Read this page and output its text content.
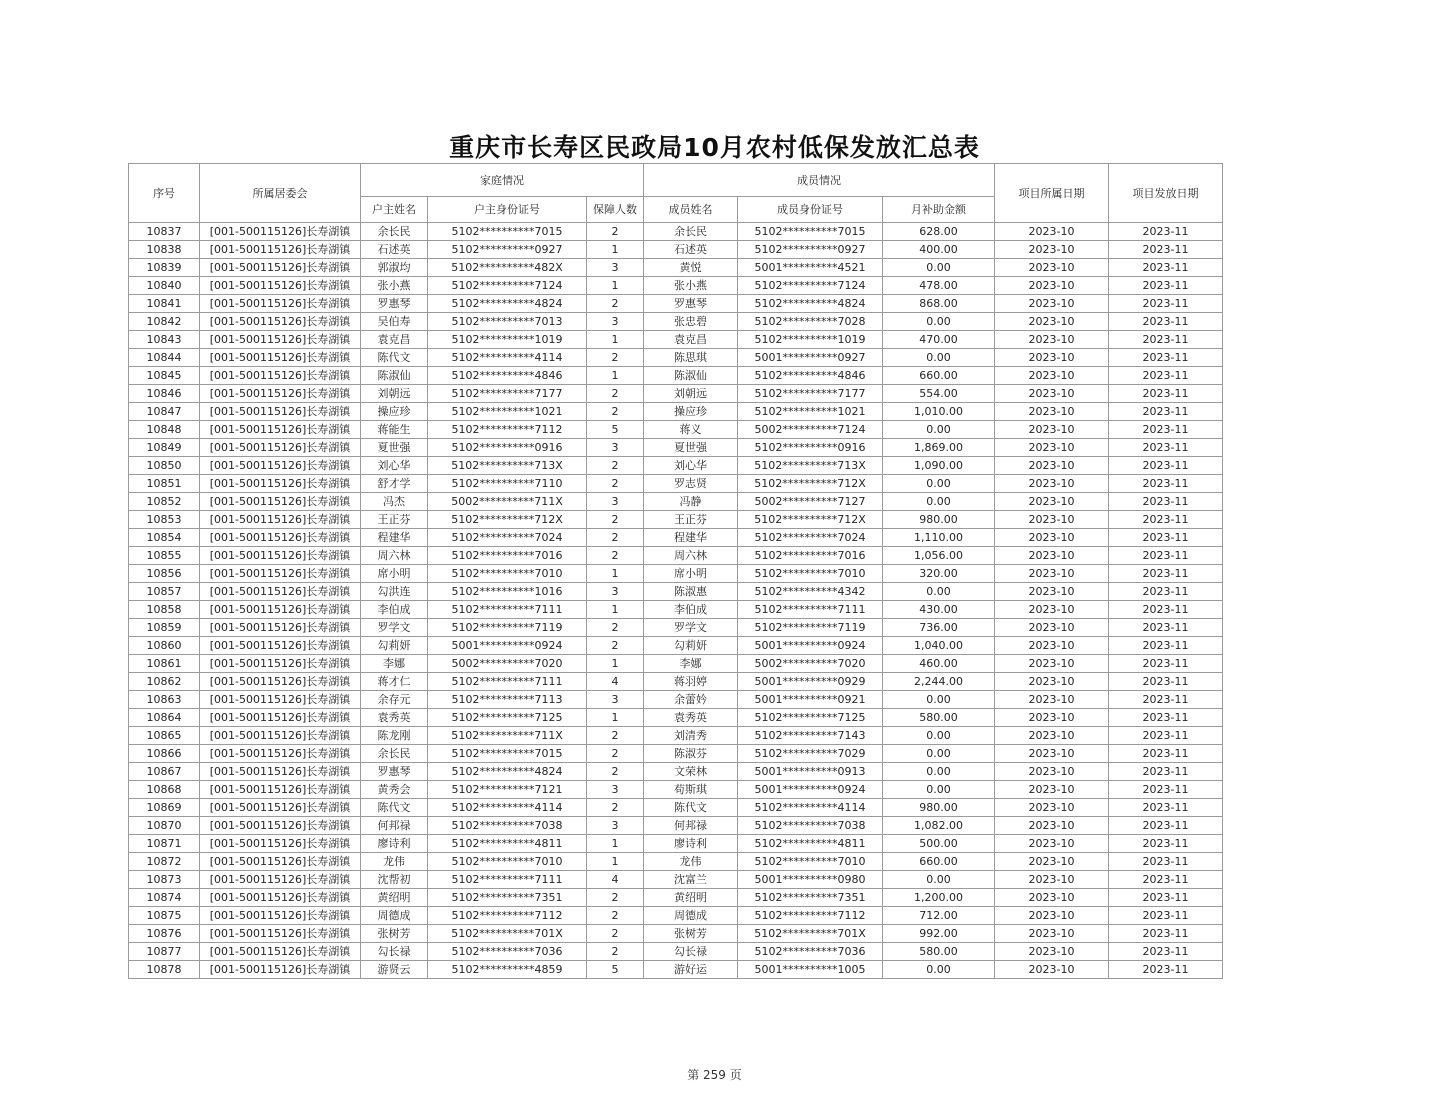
重庆市长寿区民政局10月农村低保发放汇总表
序号	所属居委会	家庭情况			成员情况			项目所属日期	项目发放日期
		户主姓名	户主身份证号	保障人数	成员姓名	成员身份证号	月补助金额		
10837	[001-500115126]长寿湖镇	余长民	5102**********7015	2	余长民	5102**********7015	628.00	2023-10	2023-11
10838	[001-500115126]长寿湖镇	石述英	5102**********0927	1	石述英	5102**********0927	400.00	2023-10	2023-11
10839	[001-500115126]长寿湖镇	郭淑均	5102**********482X	3	黄悦	5001**********4521	0.00	2023-10	2023-11
10840	[001-500115126]长寿湖镇	张小燕	5102**********7124	1	张小燕	5102**********7124	478.00	2023-10	2023-11
10841	[001-500115126]长寿湖镇	罗惠琴	5102**********4824	2	罗惠琴	5102**********4824	868.00	2023-10	2023-11
10842	[001-500115126]长寿湖镇	吴伯寿	5102**********7013	3	张忠碧	5102**********7028	0.00	2023-10	2023-11
10843	[001-500115126]长寿湖镇	袁克昌	5102**********1019	1	袁克昌	5102**********1019	470.00	2023-10	2023-11
10844	[001-500115126]长寿湖镇	陈代文	5102**********4114	2	陈思琪	5001**********0927	0.00	2023-10	2023-11
10845	[001-500115126]长寿湖镇	陈淑仙	5102**********4846	1	陈淑仙	5102**********4846	660.00	2023-10	2023-11
10846	[001-500115126]长寿湖镇	刘朝远	5102**********7177	2	刘朝远	5102**********7177	554.00	2023-10	2023-11
10847	[001-500115126]长寿湖镇	操应珍	5102**********1021	2	操应珍	5102**********1021	1,010.00	2023-10	2023-11
10848	[001-500115126]长寿湖镇	蒋能生	5102**********7112	5	蒋义	5002**********7124	0.00	2023-10	2023-11
10849	[001-500115126]长寿湖镇	夏世强	5102**********0916	3	夏世强	5102**********0916	1,869.00	2023-10	2023-11
10850	[001-500115126]长寿湖镇	刘心华	5102**********713X	2	刘心华	5102**********713X	1,090.00	2023-10	2023-11
10851	[001-500115126]长寿湖镇	舒才学	5102**********7110	2	罗志贤	5102**********712X	0.00	2023-10	2023-11
10852	[001-500115126]长寿湖镇	冯杰	5002**********711X	3	冯静	5002**********7127	0.00	2023-10	2023-11
10853	[001-500115126]长寿湖镇	王正芬	5102**********712X	2	王正芬	5102**********712X	980.00	2023-10	2023-11
10854	[001-500115126]长寿湖镇	程建华	5102**********7024	2	程建华	5102**********7024	1,110.00	2023-10	2023-11
10855	[001-500115126]长寿湖镇	周六林	5102**********7016	2	周六林	5102**********7016	1,056.00	2023-10	2023-11
10856	[001-500115126]长寿湖镇	席小明	5102**********7010	1	席小明	5102**********7010	320.00	2023-10	2023-11
10857	[001-500115126]长寿湖镇	勾洪连	5102**********1016	3	陈淑惠	5102**********4342	0.00	2023-10	2023-11
10858	[001-500115126]长寿湖镇	李伯成	5102**********7111	1	李伯成	5102**********7111	430.00	2023-10	2023-11
10859	[001-500115126]长寿湖镇	罗学文	5102**********7119	2	罗学文	5102**********7119	736.00	2023-10	2023-11
10860	[001-500115126]长寿湖镇	勾莉妍	5001**********0924	2	勾莉妍	5001**********0924	1,040.00	2023-10	2023-11
10861	[001-500115126]长寿湖镇	李娜	5002**********7020	1	李娜	5002**********7020	460.00	2023-10	2023-11
10862	[001-500115126]长寿湖镇	蒋才仁	5102**********7111	4	蒋羽婷	5001**********0929	2,244.00	2023-10	2023-11
10863	[001-500115126]长寿湖镇	余存元	5102**********7113	3	余蕾妗	5001**********0921	0.00	2023-10	2023-11
10864	[001-500115126]长寿湖镇	袁秀英	5102**********7125	1	袁秀英	5102**********7125	580.00	2023-10	2023-11
10865	[001-500115126]长寿湖镇	陈龙刚	5102**********711X	2	刘清秀	5102**********7143	0.00	2023-10	2023-11
10866	[001-500115126]长寿湖镇	余长民	5102**********7015	2	陈淑芬	5102**********7029	0.00	2023-10	2023-11
10867	[001-500115126]长寿湖镇	罗惠琴	5102**********4824	2	文荣林	5001**********0913	0.00	2023-10	2023-11
10868	[001-500115126]长寿湖镇	黄秀会	5102**********7121	3	苟斯琪	5001**********0924	0.00	2023-10	2023-11
10869	[001-500115126]长寿湖镇	陈代文	5102**********4114	2	陈代文	5102**********4114	980.00	2023-10	2023-11
10870	[001-500115126]长寿湖镇	何邦禄	5102**********7038	3	何邦禄	5102**********7038	1,082.00	2023-10	2023-11
10871	[001-500115126]长寿湖镇	廖诗利	5102**********4811	1	廖诗利	5102**********4811	500.00	2023-10	2023-11
10872	[001-500115126]长寿湖镇	龙伟	5102**********7010	1	龙伟	5102**********7010	660.00	2023-10	2023-11
10873	[001-500115126]长寿湖镇	沈帮初	5102**********7111	4	沈富兰	5001**********0980	0.00	2023-10	2023-11
10874	[001-500115126]长寿湖镇	黄绍明	5102**********7351	2	黄绍明	5102**********7351	1,200.00	2023-10	2023-11
10875	[001-500115126]长寿湖镇	周德成	5102**********7112	2	周德成	5102**********7112	712.00	2023-10	2023-11
10876	[001-500115126]长寿湖镇	张树芳	5102**********701X	2	张树芳	5102**********701X	992.00	2023-10	2023-11
10877	[001-500115126]长寿湖镇	勾长禄	5102**********7036	2	勾长禄	5102**********7036	580.00	2023-10	2023-11
10878	[001-500115126]长寿湖镇	游贤云	5102**********4859	5	游好运	5001**********1005	0.00	2023-10	2023-11
第 259 页
